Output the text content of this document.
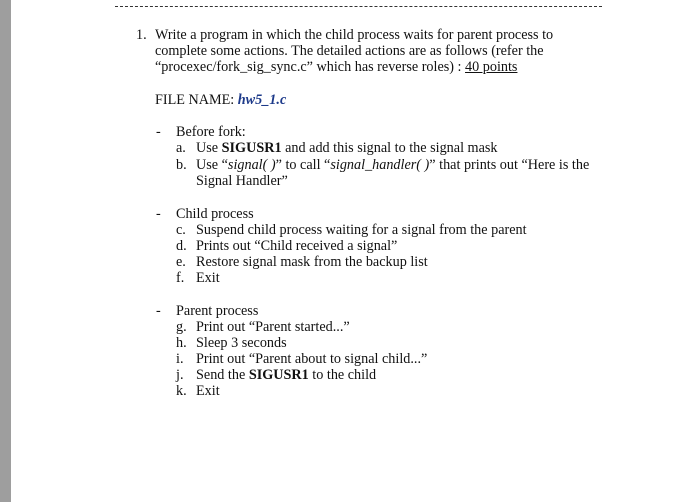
1. Write a program in which the child process waits for parent process to
complete some actions. The detailed actions are as follows (refer the
“procexec/fork_sig_sync.c” which has reverse roles) : 40 points
FILE NAME: hw5_1.c
- Before fork:
a. Use SIGUSR1 and add this signal to the signal mask
b. Use “signal( )” to call “signal_handler( )” that prints out “Here is the
Signal Handler”
- Child process
c. Suspend child process waiting for a signal from the parent
d. Prints out “Child received a signal”
e. Restore signal mask from the backup list
f. Exit
- Parent process
g. Print out “Parent started...”
h. Sleep 3 seconds
i. Print out “Parent about to signal child...”
j. Send the SIGUSR1 to the child
k. Exit
